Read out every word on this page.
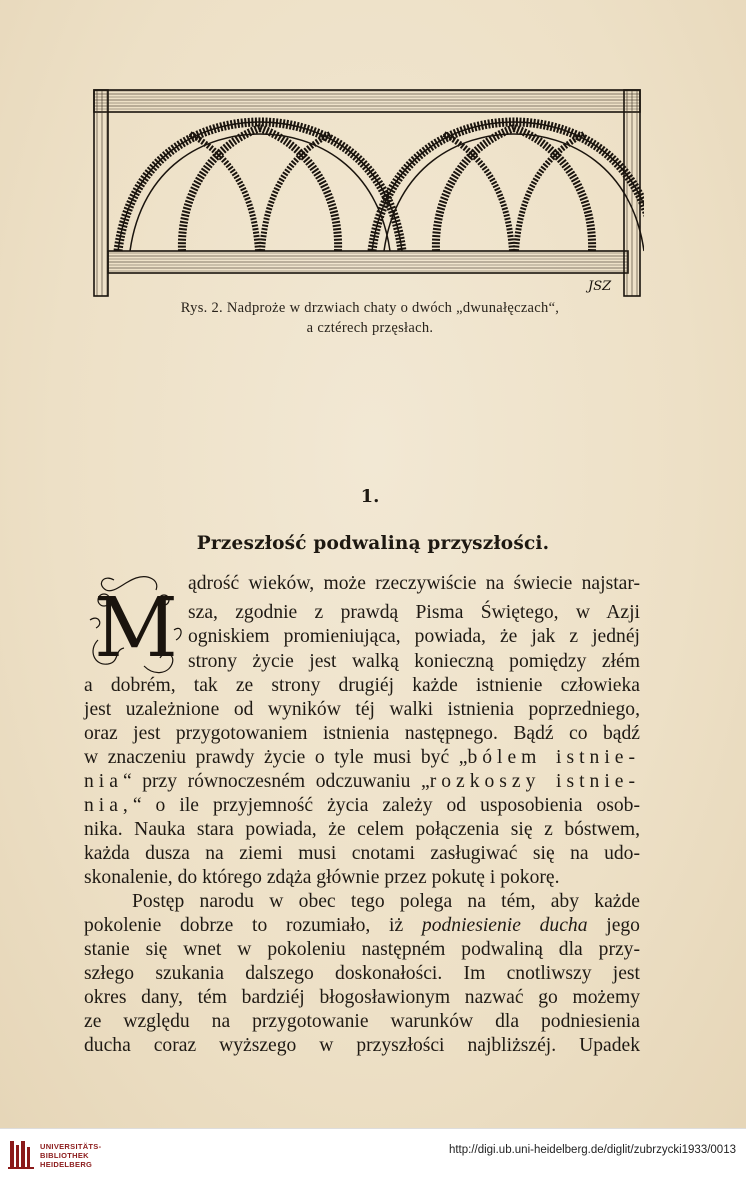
JSZ
Rys. 2. Nadproże w drzwiach chaty o dwóch „dwunałęczach“,
a cztérech przęsłach.
1.
Przeszłość podwaliną przyszłości.
M ądrość wieków, może rzeczywiście na świecie najstar-
sza, zgodnie z prawdą Pisma Świętego, w Azji
ogniskiem promieniująca, powiada, że jak z jednéj
strony życie jest walką konieczną pomiędzy złém
a dobrém, tak ze strony drugiéj każde istnienie człowieka
jest uzależnione od wyników téj walki istnienia poprzedniego,
oraz jest przygotowaniem istnienia następnego. Bądź co bądź
w znaczeniu prawdy życie o tyle musi być „bólem istnie-
nia“ przy równoczesném odczuwaniu „rozkoszy istnie-
nia,“ o ile przyjemność życia zależy od usposobienia osob-
nika. Nauka stara powiada, że celem połączenia się z bóstwem,
każda dusza na ziemi musi cnotami zasługiwać się na udo-
skonalenie, do którego zdąża głównie przez pokutę i pokorę.
Postęp narodu w obec tego polega na tém, aby każde
pokolenie dobrze to rozumiało, iż podniesienie ducha jego
stanie się wnet w pokoleniu następném podwaliną dla przy-
szłego szukania dalszego doskonałości. Im cnotliwszy jest
okres dany, tém bardziéj błogosławionym nazwać go możemy
ze względu na przygotowanie warunków dla podniesienia
ducha coraz wyższego w przyszłości najbliższéj. Upadek
UNIVERSITÄTS-
BIBLIOTHEK
HEIDELBERG
http://digi.ub.uni-heidelberg.de/diglit/zubrzycki1933/0013
